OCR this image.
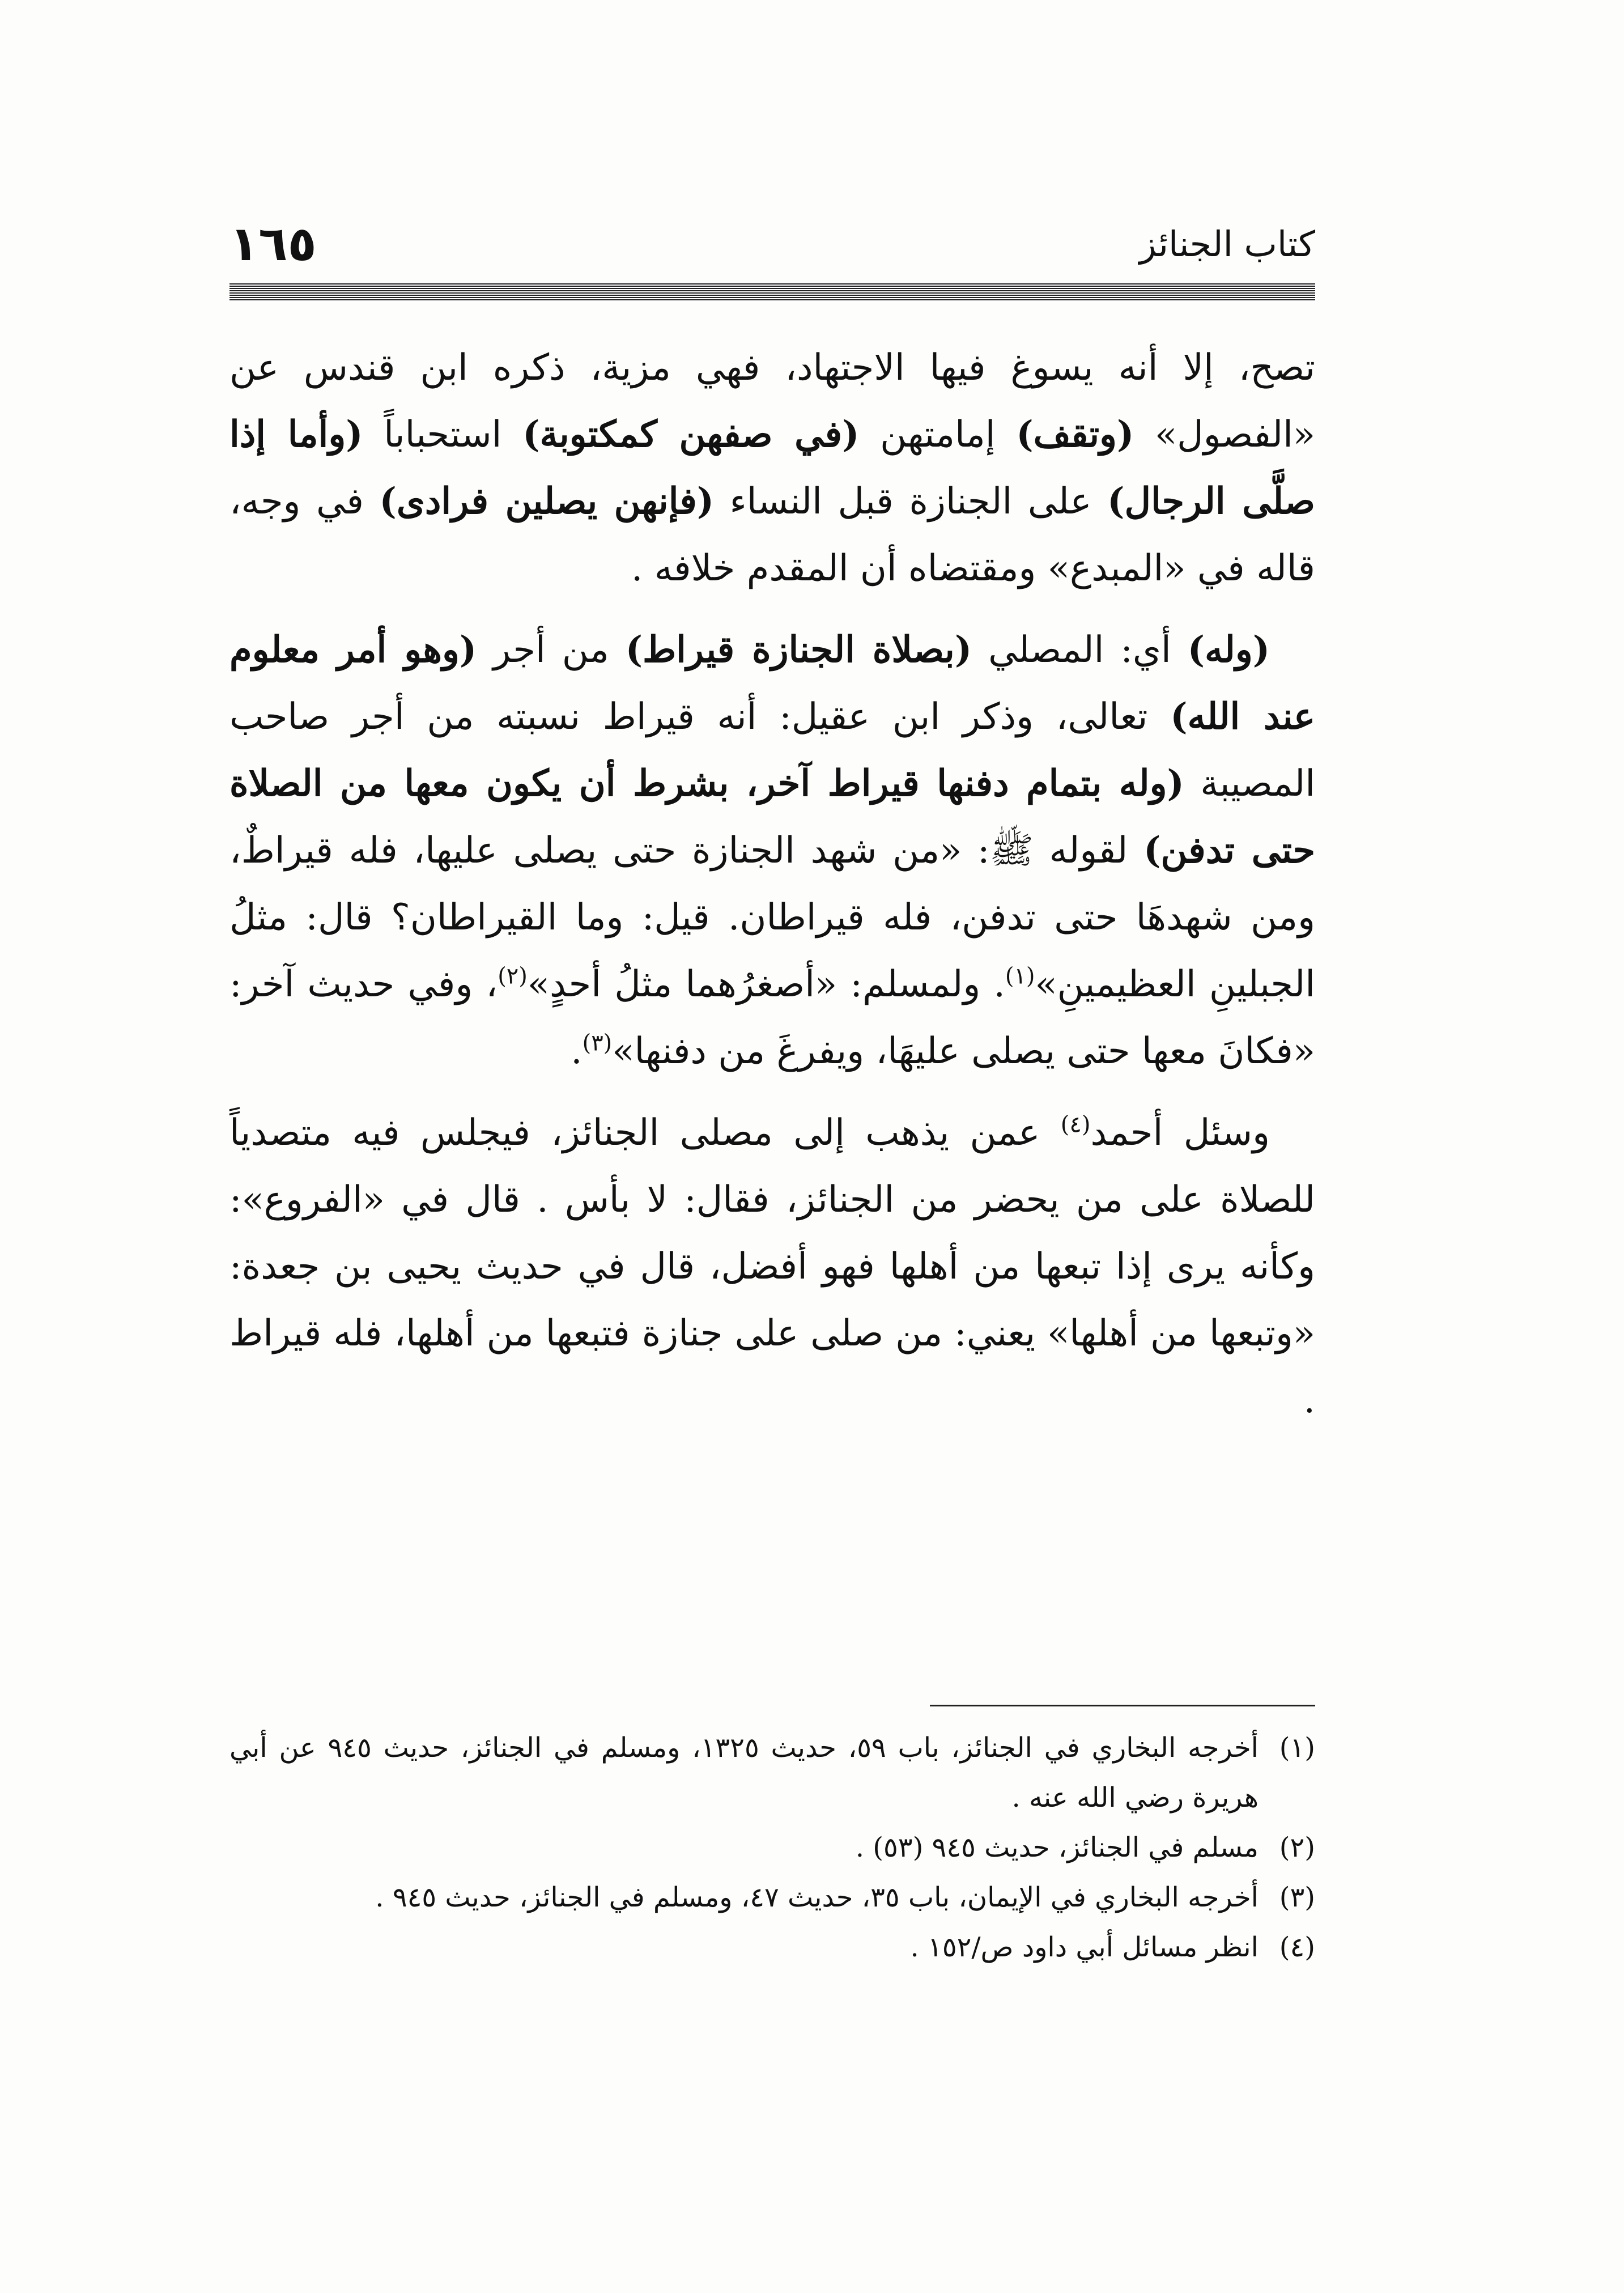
١٦٥	كتاب الجنائز

تصح، إلا أنه يسوغ فيها الاجتهاد، فهي مزية، ذكره ابن قندس عن «الفصول» (وتقف) إمامتهن (في صفهن كمكتوبة) استحباباً (وأما إذا صلَّى الرجال) على الجنازة قبل النساء (فإنهن يصلين فرادى) في وجه، قاله في «المبدع» ومقتضاه أن المقدم خلافه .

(وله) أي: المصلي (بصلاة الجنازة قيراط) من أجر (وهو أمر معلوم عند الله) تعالى، وذكر ابن عقيل: أنه قيراط نسبته من أجر صاحب المصيبة (وله بتمام دفنها قيراط آخر، بشرط أن يكون معها من الصلاة حتى تدفن) لقوله ﷺ: «من شهد الجنازة حتى يصلى عليها، فله قيراطٌ، ومن شهدهَا حتى تدفن، فله قيراطان. قيل: وما القيراطان؟ قال: مثلُ الجبلينِ العظيمينِ»$^{(١)}$. ولمسلم: «أصغرُهما مثلُ أحدٍ»$^{(٢)}$، وفي حديث آخر: «فكانَ معها حتى يصلى عليهَا، ويفرغَ من دفنها»$^{(٣)}$.

وسئل أحمد$^{(٤)}$ عمن يذهب إلى مصلى الجنائز، فيجلس فيه متصدياً للصلاة على من يحضر من الجنائز، فقال: لا بأس . قال في «الفروع»: وكأنه يرى إذا تبعها من أهلها فهو أفضل، قال في حديث يحيى بن جعدة: «وتبعها من أهلها» يعني: من صلى على جنازة فتبعها من أهلها، فله قيراط .

(١)
أخرجه البخاري في الجنائز، باب ٥٩، حديث ١٣٢٥، ومسلم في الجنائز، حديث ٩٤٥ عن أبي هريرة رضي الله عنه .
(٢)
مسلم في الجنائز، حديث ٩٤٥ (٥٣) .
(٣)
أخرجه البخاري في الإيمان، باب ٣٥، حديث ٤٧، ومسلم في الجنائز، حديث ٩٤٥ .
(٤)
انظر مسائل أبي داود ص/١٥٢ .
